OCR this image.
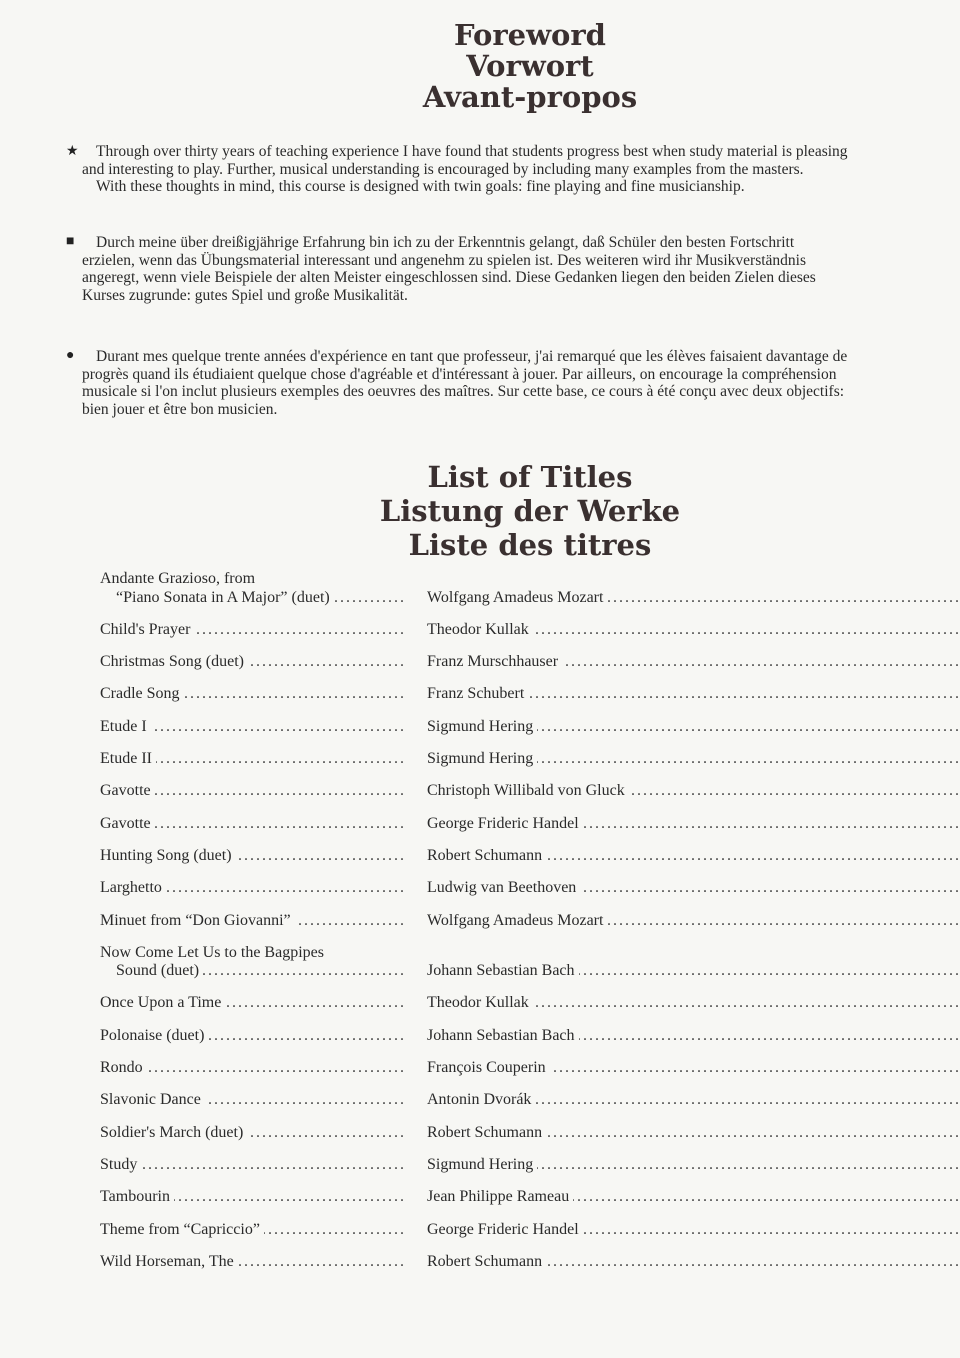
Foreword
Vorwort
Avant-propos
★ Through over thirty years of teaching experience I have found that students progress best when study material is pleasing
and interesting to play. Further, musical understanding is encouraged by including many examples from the masters.
With these thoughts in mind, this course is designed with twin goals: fine playing and fine musicianship.
■ Durch meine über dreißigjährige Erfahrung bin ich zu der Erkenntnis gelangt, daß Schüler den besten Fortschritt
erzielen, wenn das Übungsmaterial interessant und angenehm zu spielen ist. Des weiteren wird ihr Musikverständnis
angeregt, wenn viele Beispiele der alten Meister eingeschlossen sind. Diese Gedanken liegen den beiden Zielen dieses
Kurses zugrunde: gutes Spiel und große Musikalität.
● Durant mes quelque trente années d'expérience en tant que professeur, j'ai remarqué que les élèves faisaient davantage de
progrès quand ils étudiaient quelque chose d'agréable et d'intéressant à jouer. Par ailleurs, on encourage la compréhension
musicale si l'on inclut plusieurs exemples des oeuvres des maîtres. Sur cette base, ce cours à été conçu avec deux objectifs:
bien jouer et être bon musicien.
List of Titles
Listung der Werke
Liste des titres
Andante Grazioso, from
“Piano Sonata in A Major” (duet) . . .	Wolfgang Amadeus Mozart . . .
Child's Prayer . . .	Theodor Kullak . . .
Christmas Song (duet) . . .	Franz Murschhauser . . .
Cradle Song . . .	Franz Schubert . . .
Etude I . . .	Sigmund Hering . . .
Etude II . . .	Sigmund Hering . . .
Gavotte . . .	Christoph Willibald von Gluck . . .
Gavotte . . .	George Frideric Handel . . .
Hunting Song (duet) . . .	Robert Schumann . . .
Larghetto . . .	Ludwig van Beethoven . . .
Minuet from “Don Giovanni” . . .	Wolfgang Amadeus Mozart . . .
Now Come Let Us to the Bagpipes
Sound (duet) . . .	Johann Sebastian Bach . . .
Once Upon a Time . . .	Theodor Kullak . . .
Polonaise (duet) . . .	Johann Sebastian Bach . . .
Rondo . . .	François Couperin . . .
Slavonic Dance . . .	Antonin Dvorák . . .
Soldier's March (duet) . . .	Robert Schumann . . .
Study . . .	Sigmund Hering . . .
Tambourin . . .	Jean Philippe Rameau . . .
Theme from “Capriccio” . . .	George Frideric Handel . . .
Wild Horseman, The . . .	Robert Schumann . . .
